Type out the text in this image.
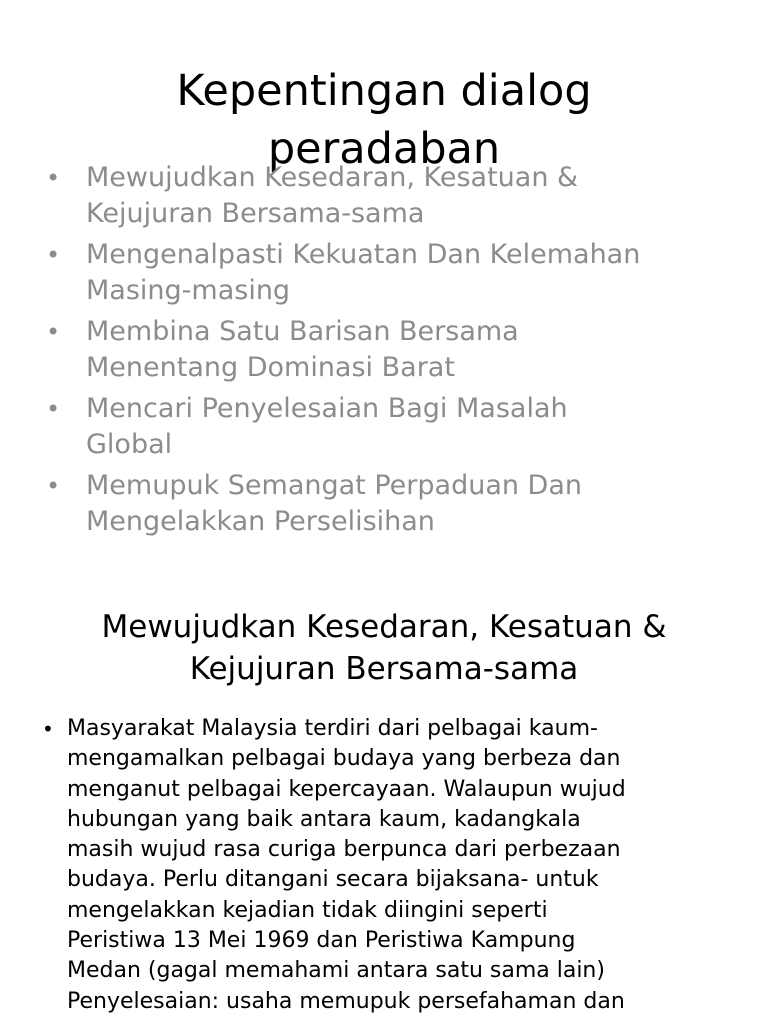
Kepentingan dialog
peradaban
• Mewujudkan Kesedaran, Kesatuan &
Kejujuran Bersama-sama
• Mengenalpasti Kekuatan Dan Kelemahan
Masing-masing
• Membina Satu Barisan Bersama
Menentang Dominasi Barat
• Mencari Penyelesaian Bagi Masalah
Global
• Memupuk Semangat Perpaduan Dan
Mengelakkan Perselisihan
Mewujudkan Kesedaran, Kesatuan &
Kejujuran Bersama-sama
• Masyarakat Malaysia terdiri dari pelbagai kaum-
mengamalkan pelbagai budaya yang berbeza dan
menganut pelbagai kepercayaan. Walaupun wujud
hubungan yang baik antara kaum, kadangkala
masih wujud rasa curiga berpunca dari perbezaan
budaya. Perlu ditangani secara bijaksana- untuk
mengelakkan kejadian tidak diingini seperti
Peristiwa 13 Mei 1969 dan Peristiwa Kampung
Medan (gagal memahami antara satu sama lain)
Penyelesaian: usaha memupuk persefahaman dan
